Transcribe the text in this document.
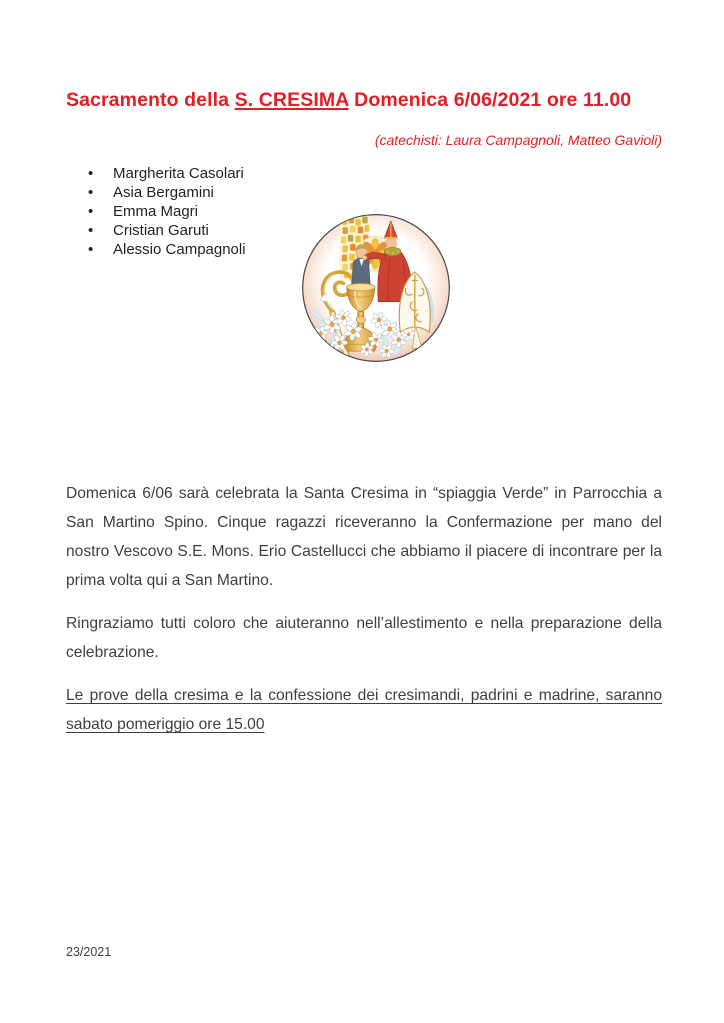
Sacramento della S. CRESIMA Domenica 6/06/2021 ore 11.00
(catechisti: Laura Campagnoli, Matteo Gavioli)
• Margherita Casolari
• Asia Bergamini
• Emma Magri
• Cristian Garuti
• Alessio Campagnoli

Domenica 6/06 sarà celebrata la Santa Cresima in “spiaggia Verde” in Parrocchia a San Martino Spino. Cinque ragazzi riceveranno la Confermazione per mano del nostro Vescovo S.E. Mons. Erio Castellucci che abbiamo il piacere di incontrare per la prima volta qui a San Martino.

Ringraziamo tutti coloro che aiuteranno nell’allestimento e nella preparazione della celebrazione.

Le prove della cresima e la confessione dei cresimandi, padrini e madrine, saranno sabato pomeriggio ore 15.00

23/2021
